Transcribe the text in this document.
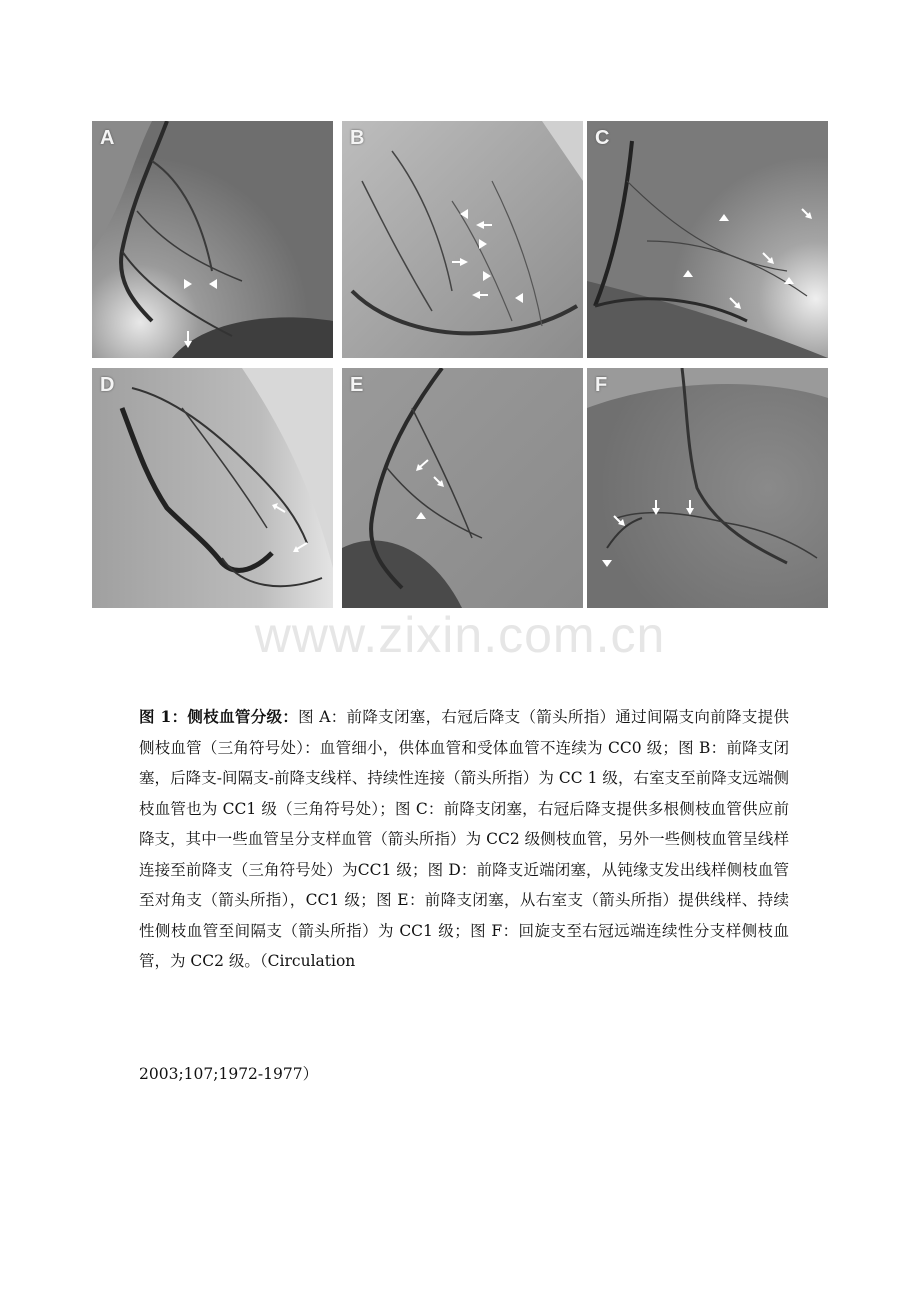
A	B	C
D	E	F
www.zixin.com.cn

图 1：侧枝血管分级：图 A：前降支闭塞，右冠后降支（箭头所指）通过间隔支向前降支提供侧枝血管（三角符号处）：血管细小，供体血管和受体血管不连续为 CC0 级；图 B：前降支闭塞，后降支-间隔支-前降支线样、持续性连接（箭头所指）为 CC 1 级，右室支至前降支远端侧枝血管也为 CC1 级（三角符号处）；图 C：前降支闭塞，右冠后降支提供多根侧枝血管供应前降支，其中一些血管呈分支样血管（箭头所指）为 CC2 级侧枝血管，另外一些侧枝血管呈线样连接至前降支（三角符号处）为CC1 级；图 D：前降支近端闭塞，从钝缘支发出线样侧枝血管至对角支（箭头所指），CC1 级；图 E：前降支闭塞，从右室支（箭头所指）提供线样、持续性侧枝血管至间隔支（箭头所指）为 CC1 级；图 F：回旋支至右冠远端连续性分支样侧枝血管，为 CC2 级。（Circulation

2003;107;1972-1977）
